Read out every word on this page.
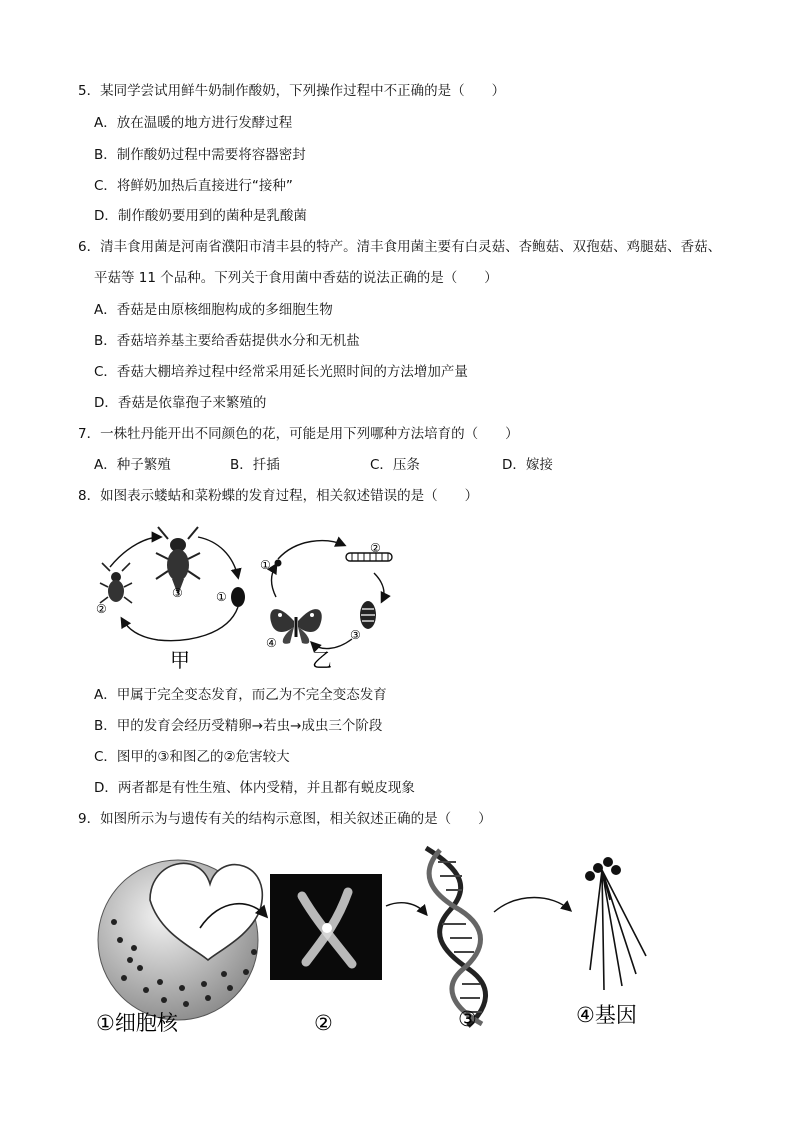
5．某同学尝试用鲜牛奶制作酸奶，下列操作过程中不正确的是（　　）
A．放在温暖的地方进行发酵过程
B．制作酸奶过程中需要将容器密封
C．将鲜奶加热后直接进行“接种”
D．制作酸奶要用到的菌种是乳酸菌
6．清丰食用菌是河南省濮阳市清丰县的特产。清丰食用菌主要有白灵菇、杏鲍菇、双孢菇、鸡腿菇、香菇、
平菇等 11 个品种。下列关于食用菌中香菇的说法正确的是（　　）
A．香菇是由原核细胞构成的多细胞生物
B．香菇培养基主要给香菇提供水分和无机盐
C．香菇大棚培养过程中经常采用延长光照时间的方法增加产量
D．香菇是依靠孢子来繁殖的
7．一株牡丹能开出不同颜色的花，可能是用下列哪种方法培育的（　　）
A．种子繁殖	B．扦插	C．压条	D．嫁接
8．如图表示蝼蛄和菜粉蝶的发育过程，相关叙述错误的是（　　）
③	①
②
甲
①
②
③
④
乙
A．甲属于完全变态发育，而乙为不完全变态发育
B．甲的发育会经历受精卵→若虫→成虫三个阶段
C．图甲的③和图乙的②危害较大
D．两者都是有性生殖、体内受精，并且都有蜕皮现象
9．如图所示为与遗传有关的结构示意图，相关叙述正确的是（　　）
①细胞核	②	③	④基因
